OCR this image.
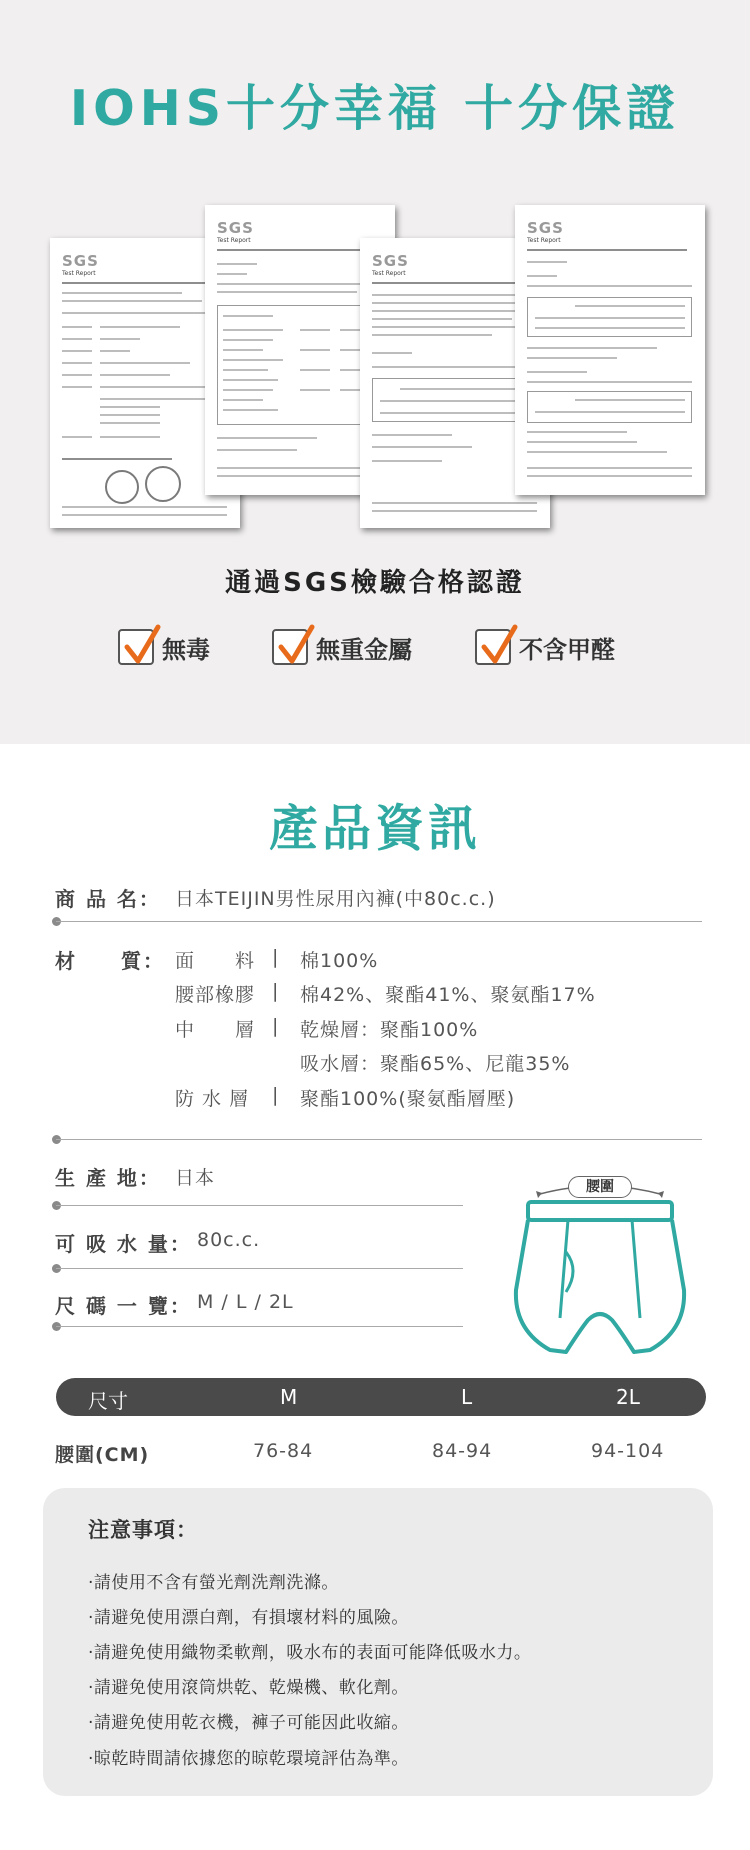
IOHS十分幸福 十分保證
SGS
Test Report
SGS
Test Report
SGS
Test Report
SGS
Test Report
通過SGS檢驗合格認證
無毒	無重金屬	不含甲醛
產品資訊
商 品 名： 日本TEIJIN男性尿用內褲(中80c.c.)
材　　質： 面　　料 | 棉100%
腰部橡膠 | 棉42%、聚酯41%、聚氨酯17%
中　　層 | 乾燥層：聚酯100%
吸水層：聚酯65%、尼龍35%
防 水 層 | 聚酯100%(聚氨酯層壓)
生 產 地： 日本
可 吸 水 量： 80c.c.
尺 碼 一 覽： M / L / 2L
腰圍
尺寸	M	L	2L
腰圍(CM)	76-84	84-94	94-104
注意事項：
‧請使用不含有螢光劑洗劑洗滌。
‧請避免使用漂白劑，有損壞材料的風險。
‧請避免使用織物柔軟劑，吸水布的表面可能降低吸水力。
‧請避免使用滾筒烘乾、乾燥機、軟化劑。
‧請避免使用乾衣機，褲子可能因此收縮。
‧晾乾時間請依據您的晾乾環境評估為準。
